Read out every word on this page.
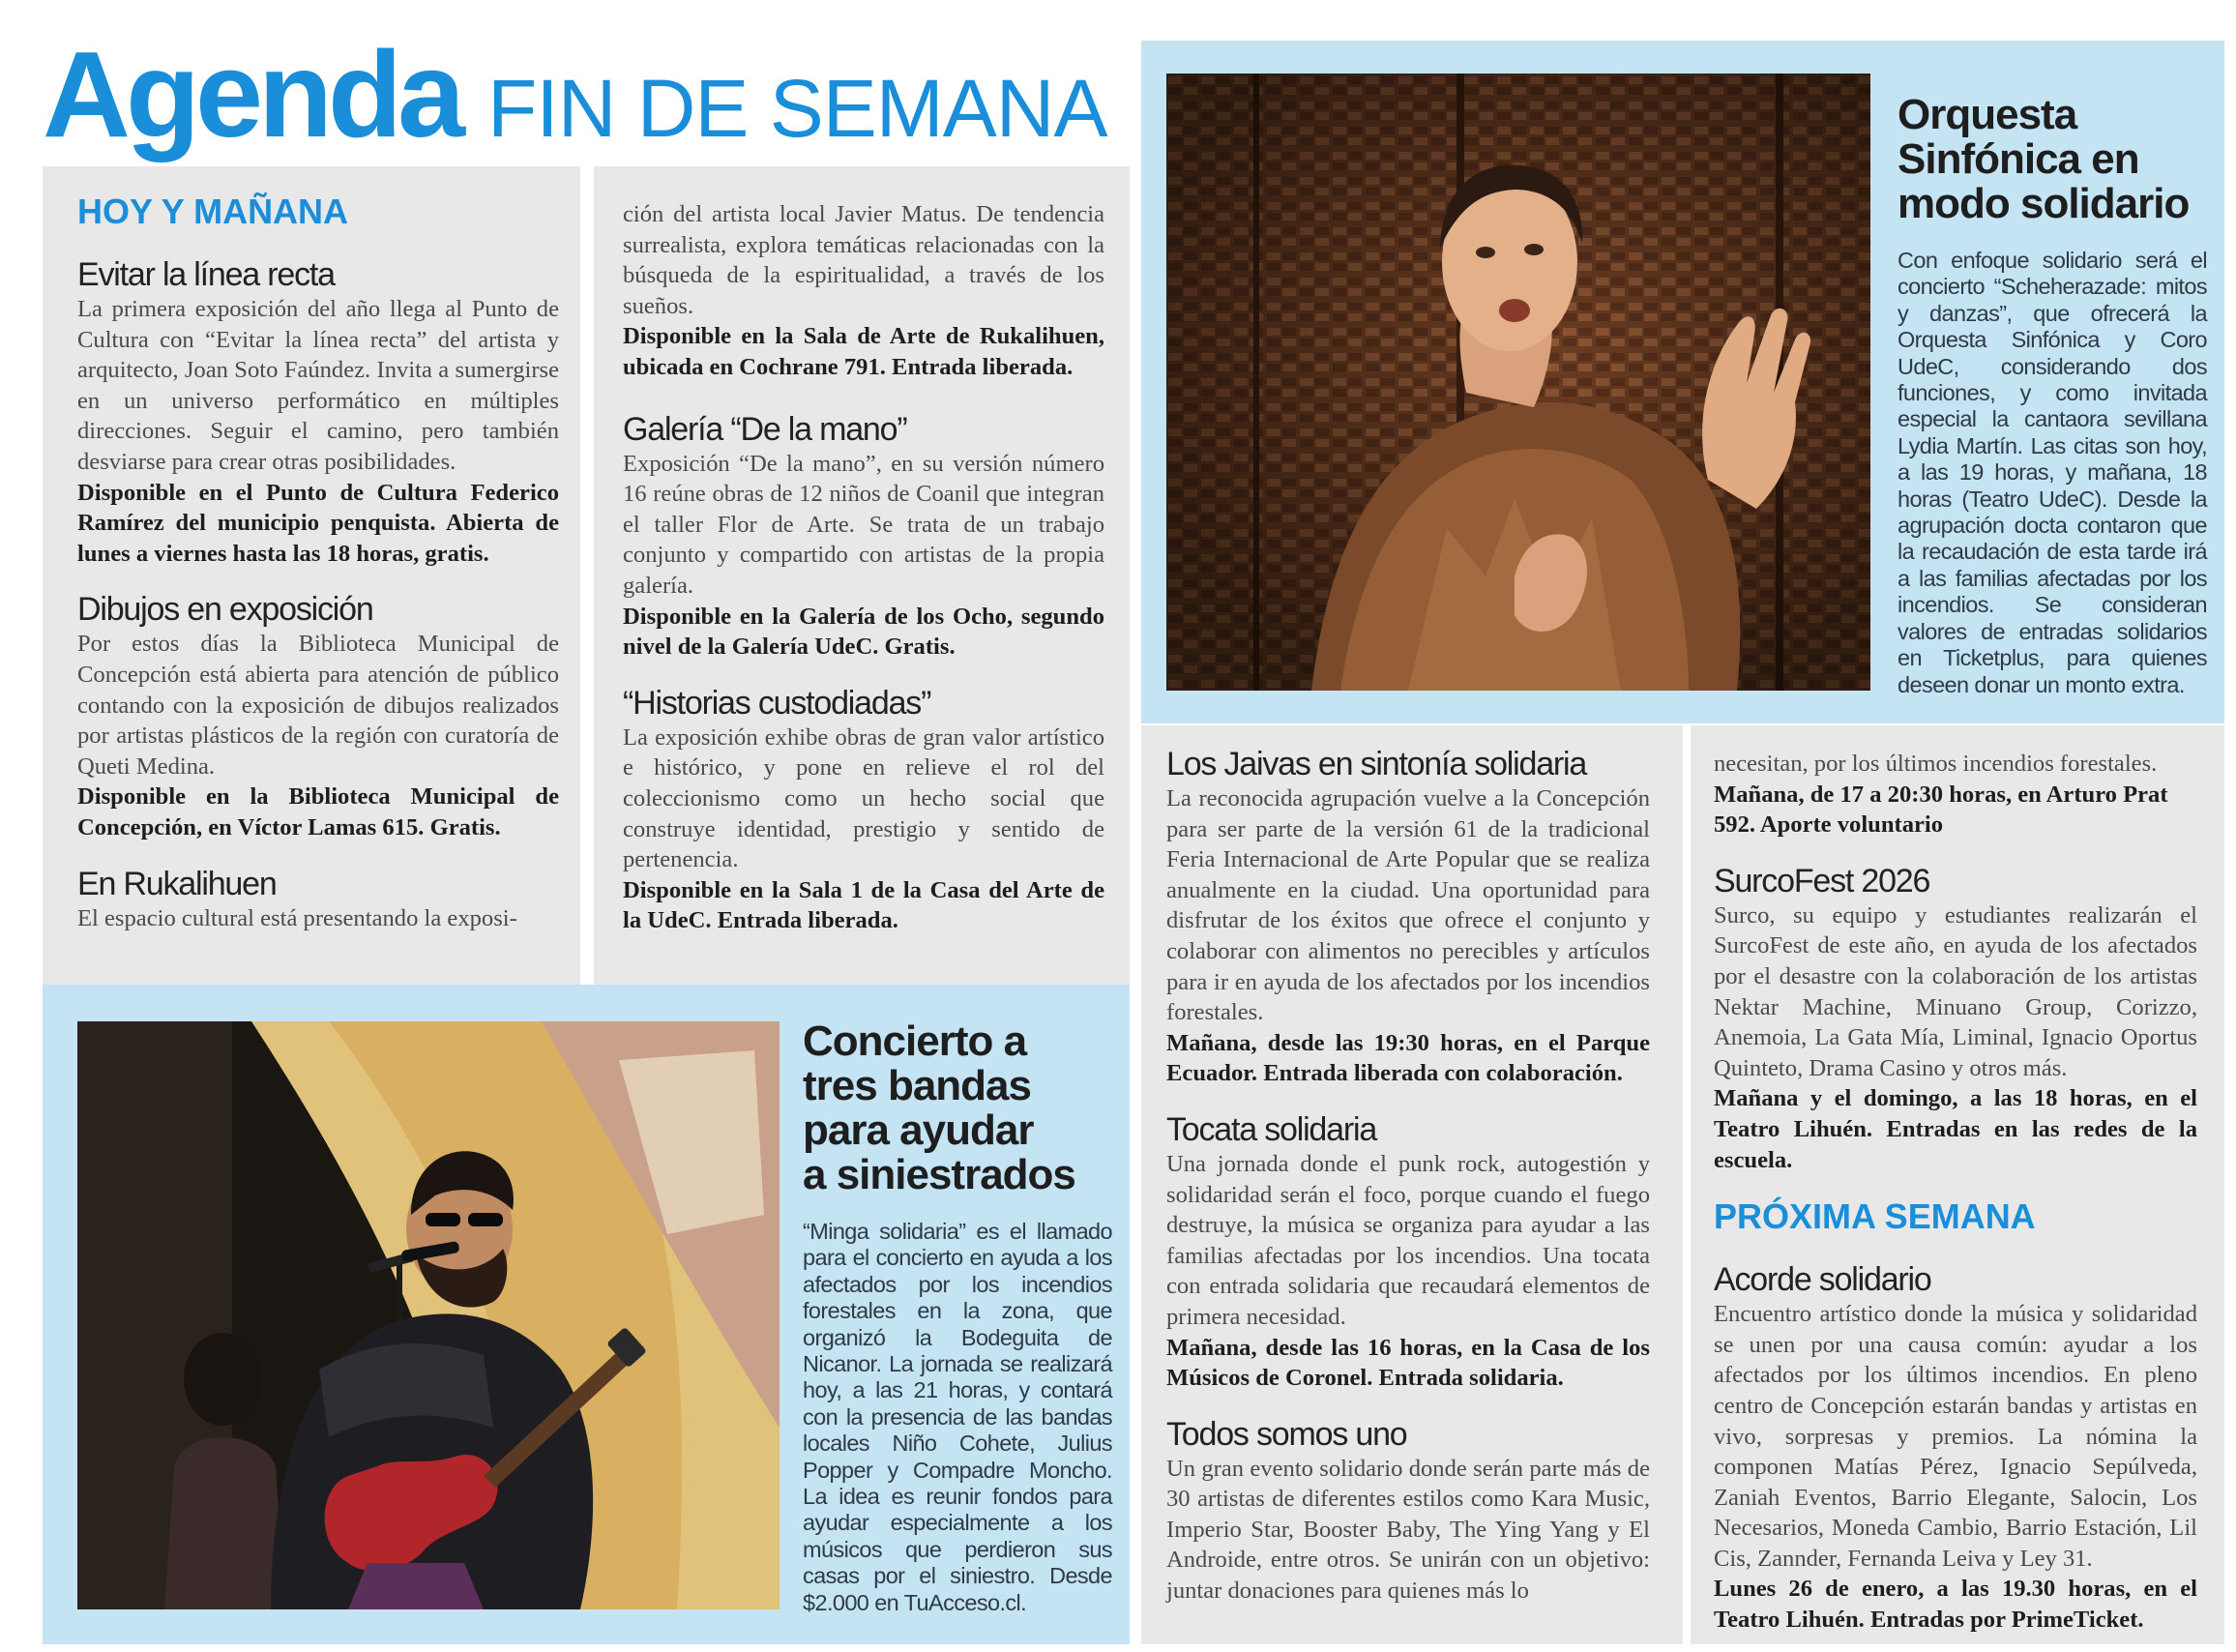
Agenda FIN DE SEMANA
HOY Y MAÑANA
Evitar la línea recta

La primera exposición del año llega al Punto de Cultura con “Evitar la línea recta” del artista y arquitecto, Joan Soto Faúndez. Invita a sumergirse en un universo performático en múltiples direcciones. Seguir el camino, pero también desviarse para crear otras posibilidades.

Disponible en el Punto de Cultura Federico Ramírez del municipio penquista. Abierta de lunes a viernes hasta las 18 horas, gratis.

Dibujos en exposición

Por estos días la Biblioteca Municipal de Concepción está abierta para atención de público contando con la exposición de dibujos realizados por artistas plásticos de la región con curatoría de Queti Medina.

Disponible en la Biblioteca Municipal de Concepción, en Víctor Lamas 615. Gratis.

En Rukalihuen

El espacio cultural está presentando la exposi-

ción del artista local Javier Matus. De tendencia surrealista, explora temáticas relacionadas con la búsqueda de la espiritualidad, a través de los sueños.

Disponible en la Sala de Arte de Rukalihuen, ubicada en Cochrane 791. Entrada liberada.

Galería “De la mano”

Exposición “De la mano”, en su versión número 16 reúne obras de 12 niños de Coanil que integran el taller Flor de Arte. Se trata de un trabajo conjunto y compartido con artistas de la propia galería.

Disponible en la Galería de los Ocho, segundo nivel de la Galería UdeC. Gratis.

“Historias custodiadas”

La exposición exhibe obras de gran valor artístico e histórico, y pone en relieve el rol del coleccionismo como un hecho social que construye identidad, prestigio y sentido de pertenencia.

Disponible en la Sala 1 de la Casa del Arte de la UdeC. Entrada liberada.

Orquesta
Sinfónica en
modo solidario

Con enfoque solidario será el concierto “Scheherazade: mitos y danzas”, que ofrecerá la Orquesta Sinfónica y Coro UdeC, considerando dos funciones, y como invitada especial la cantaora sevillana Lydia Martín. Las citas son hoy, a las 19 horas, y mañana, 18 horas (Teatro UdeC). Desde la agrupación docta contaron que la recaudación de esta tarde irá a las familias afectadas por los incendios. Se consideran valores de entradas solidarios en Ticketplus, para quienes deseen donar un monto extra.

Concierto a
tres bandas
para ayudar
a siniestrados

“Minga solidaria” es el llamado para el concierto en ayuda a los afectados por los incendios forestales en la zona, que organizó la Bodeguita de Nicanor. La jornada se realizará hoy, a las 21 horas, y contará con la presencia de las bandas locales Niño Cohete, Julius Popper y Compadre Moncho. La idea es reunir fondos para ayudar especialmente a los músicos que perdieron sus casas por el siniestro. Desde $2.000 en TuAcceso.cl.

Los Jaivas en sintonía solidaria

La reconocida agrupación vuelve a la Concepción para ser parte de la versión 61 de la tradicional Feria Internacional de Arte Popular que se realiza anualmente en la ciudad. Una oportunidad para disfrutar de los éxitos que ofrece el conjunto y colaborar con alimentos no perecibles y artículos para ir en ayuda de los afectados por los incendios forestales.

Mañana, desde las 19:30 horas, en el Parque Ecuador. Entrada liberada con colaboración.

Tocata solidaria

Una jornada donde el punk rock, autogestión y solidaridad serán el foco, porque cuando el fuego destruye, la música se organiza para ayudar a las familias afectadas por los incendios. Una tocata con entrada solidaria que recaudará elementos de primera necesidad.

Mañana, desde las 16 horas, en la Casa de los Músicos de Coronel. Entrada solidaria.

Todos somos uno

Un gran evento solidario donde serán parte más de 30 artistas de diferentes estilos como Kara Music, Imperio Star, Booster Baby, The Ying Yang y El Androide, entre otros. Se unirán con un objetivo: juntar donaciones para quienes más lo

necesitan, por los últimos incendios forestales.

Mañana, de 17 a 20:30 horas, en Arturo Prat 592. Aporte voluntario

SurcoFest 2026

Surco, su equipo y estudiantes realizarán el SurcoFest de este año, en ayuda de los afectados por el desastre con la colaboración de los artistas Nektar Machine, Minuano Group, Corizzo, Anemoia, La Gata Mía, Liminal, Ignacio Oportus Quinteto, Drama Casino y otros más.

Mañana y el domingo, a las 18 horas, en el Teatro Lihuén. Entradas en las redes de la escuela.

PRÓXIMA SEMANA
Acorde solidario

Encuentro artístico donde la música y solidaridad se unen por una causa común: ayudar a los afectados por los últimos incendios. En pleno centro de Concepción estarán bandas y artistas en vivo, sorpresas y premios. La nómina la componen Matías Pérez, Ignacio Sepúlveda, Zaniah Eventos, Barrio Elegante, Salocin, Los Necesarios, Moneda Cambio, Barrio Estación, Lil Cis, Zannder, Fernanda Leiva y Ley 31.

Lunes 26 de enero, a las 19.30 horas, en el Teatro Lihuén. Entradas por PrimeTicket.
